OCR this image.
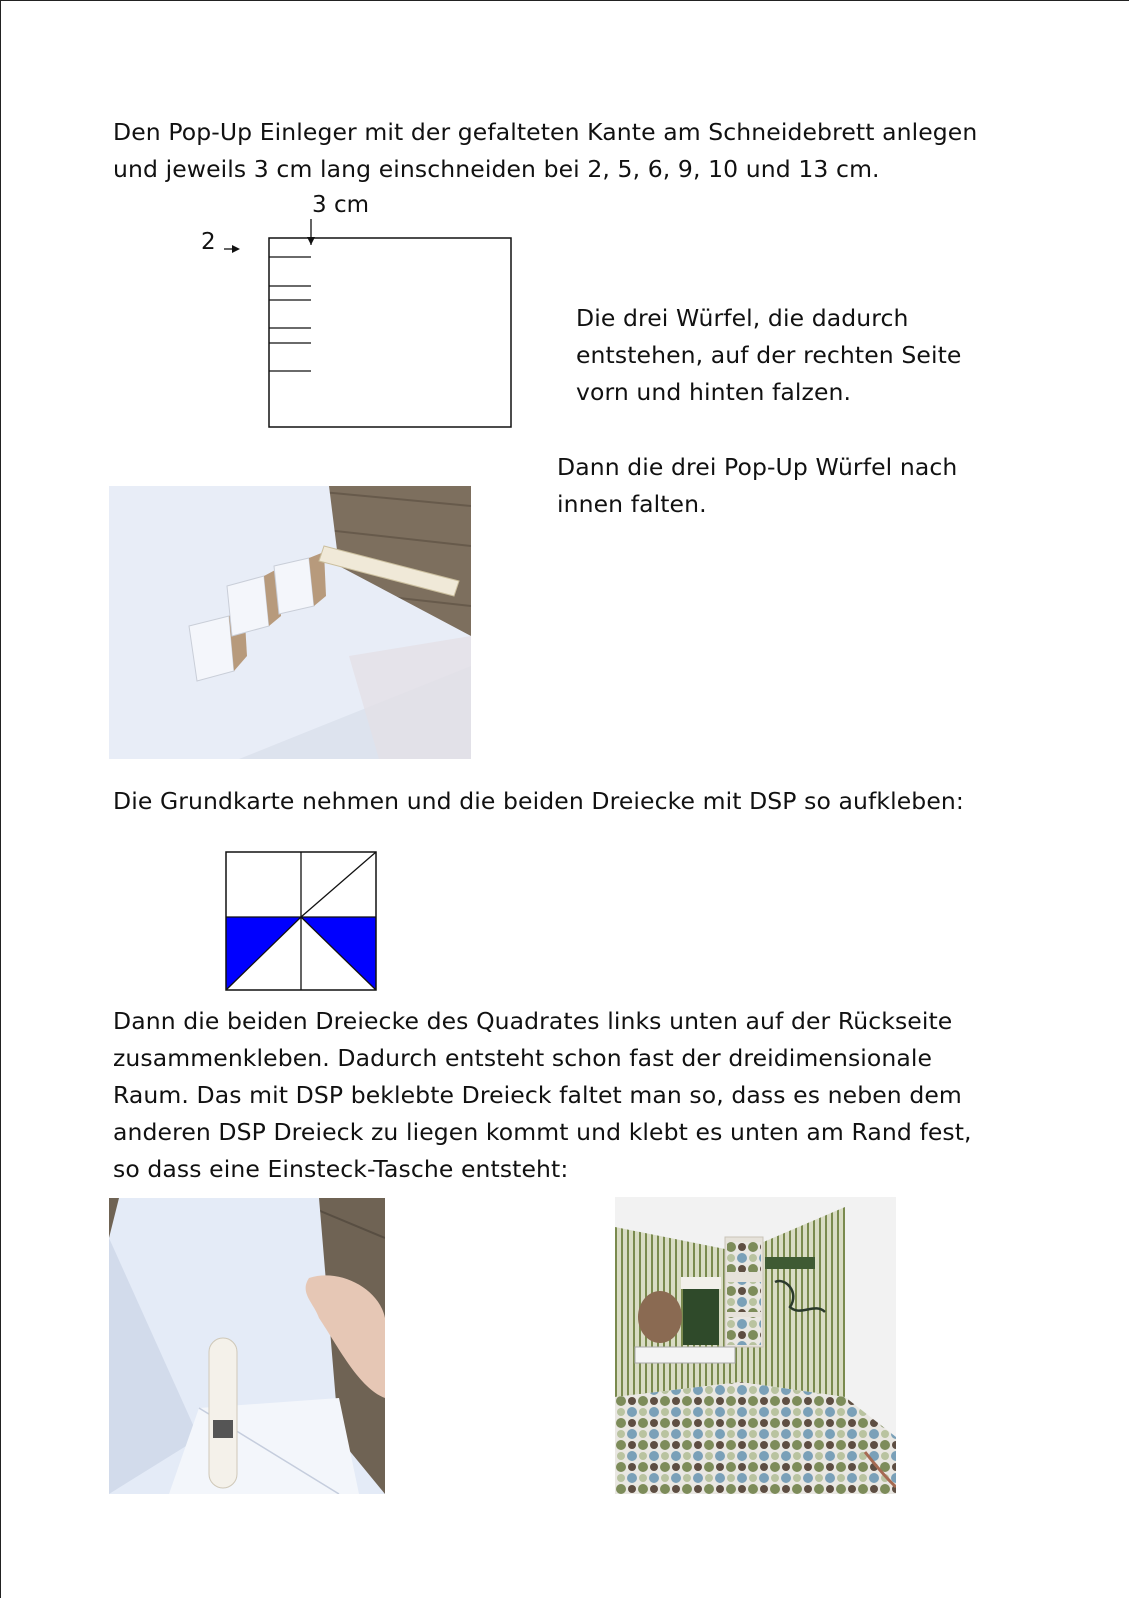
Den Pop-Up Einleger mit der gefalteten Kante am Schneidebrett anlegen
und jeweils 3 cm lang einschneiden bei 2, 5, 6, 9, 10 und 13 cm.
3 cm
2
Die drei Würfel, die dadurch
entstehen, auf der rechten Seite
vorn und hinten falzen.
Dann die drei Pop-Up Würfel nach
innen falten.
Die Grundkarte nehmen und die beiden Dreiecke mit DSP so aufkleben:
Dann die beiden Dreiecke des Quadrates links unten auf der Rückseite
zusammenkleben. Dadurch entsteht schon fast der dreidimensionale
Raum. Das mit DSP beklebte Dreieck faltet man so, dass es neben dem
anderen DSP Dreieck zu liegen kommt und klebt es unten am Rand fest,
so dass eine Einsteck-Tasche entsteht:
